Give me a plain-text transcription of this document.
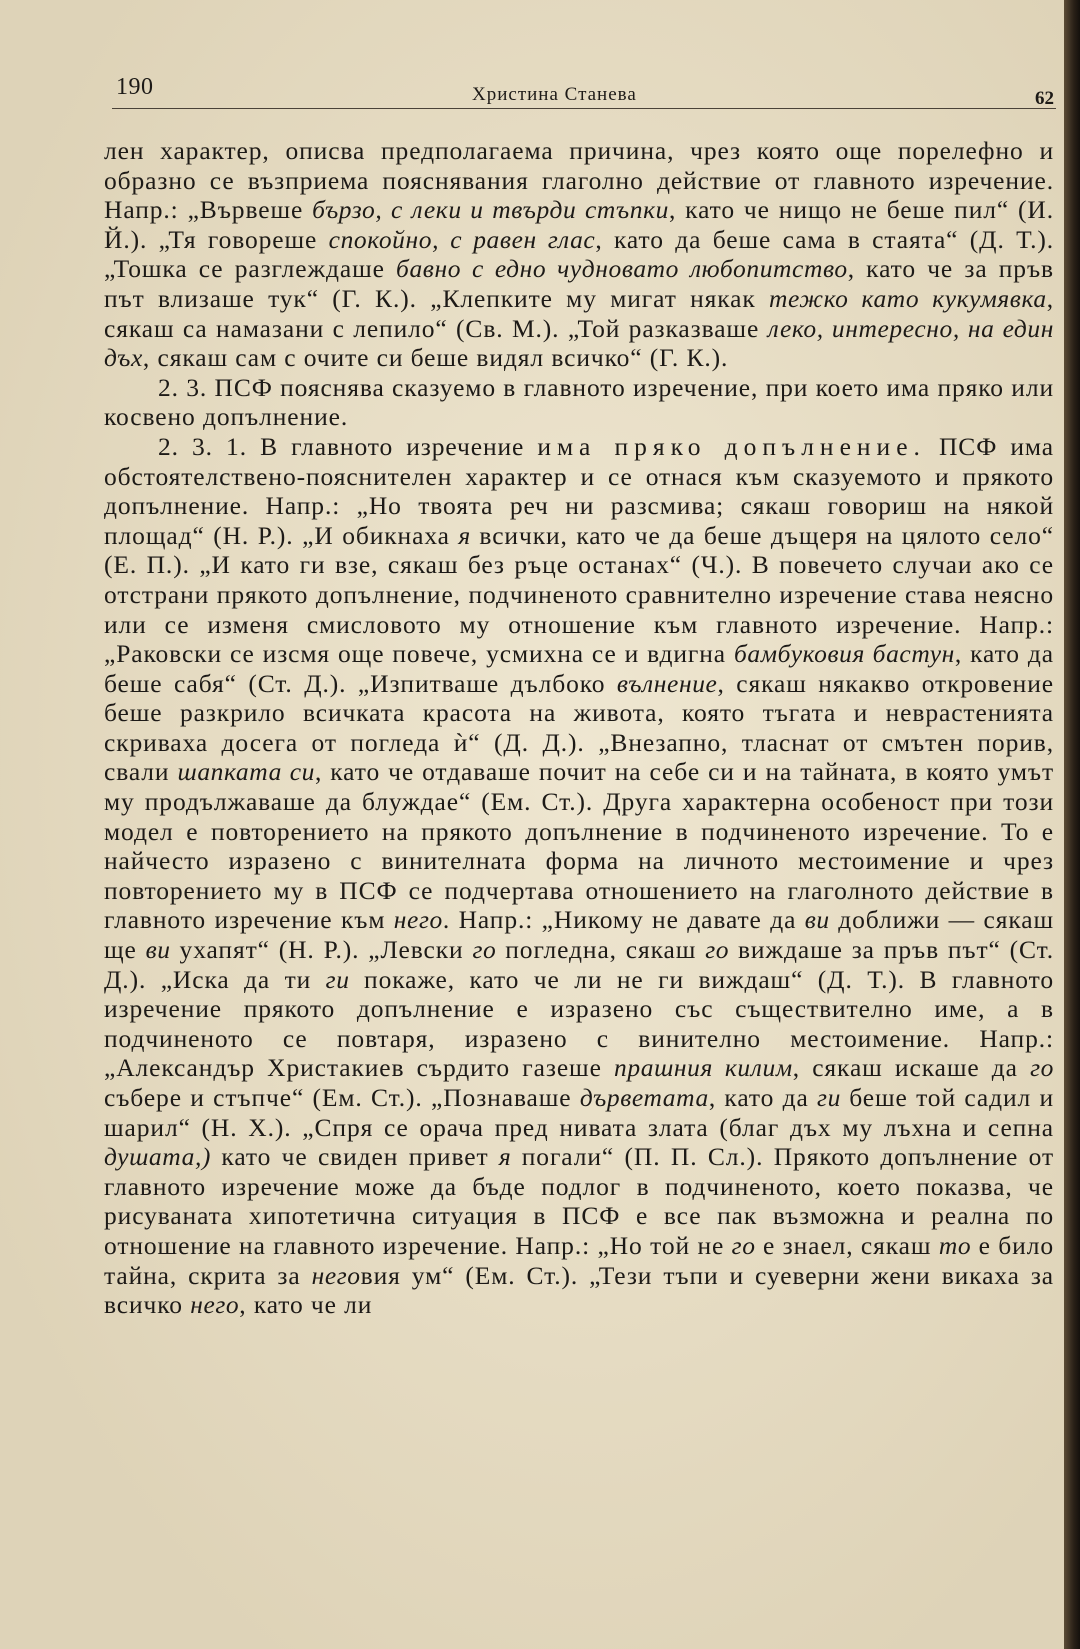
190	Христина Станева	62

лен характер, описва предполагаема причина, чрез която още порелефно и образно се възприема пояснявания глаголно действие от главното изречение. Напр.: „Вървеше бързо, с леки и твърди стъпки, като че нищо не беше пил“ (И. Й.). „Тя говореше спокойно, с равен глас, като да беше сама в стаята“ (Д. Т.). „Тошка се разглеждаше бавно с едно чудновато любопитство, като че за пръв път влизаше тук“ (Г. К.). „Клепките му мигат някак тежко като кукумявка, сякаш са намазани с лепило“ (Св. М.). „Той разказваше леко, интересно, на един дъх, сякаш сам с очите си беше видял всичко“ (Г. К.).

2. 3. ПСФ пояснява сказуемо в главното изречение, при което има пряко или косвено допълнение.

2. 3. 1. В главното изречение има пряко допълнение. ПСФ има обстоятелствено-пояснителен характер и се отнася към сказуемото и прякото допълнение. Напр.: „Но твоята реч ни разсмива; сякаш говориш на някой площад“ (Н. Р.). „И обикнаха я всички, като че да беше дъщеря на цялото село“ (Е. П.). „И като ги взе, сякаш без ръце останах“ (Ч.). В повечето случаи ако се отстрани прякото допълнение, подчиненото сравнително изречение става неясно или се изменя смисловото му отношение към главното изречение. Напр.: „Раковски се изсмя още повече, усмихна се и вдигна бамбуковия бастун, като да беше сабя“ (Ст. Д.). „Изпитваше дълбоко вълнение, сякаш някакво откровение беше разкрило всичката красота на живота, която тъгата и неврастенията скриваха досега от погледа ѝ“ (Д. Д.). „Внезапно, тласнат от смътен порив, свали шапката си, като че отдаваше почит на себе си и на тайната, в която умът му продължаваше да блуждае“ (Ем. Ст.). Друга характерна особеност при този модел е повторението на прякото допълнение в подчиненото изречение. То е найчесто изразено с винителната форма на личното местоимение и чрез повторението му в ПСФ се подчертава отношението на глаголното действие в главното изречение към него. Напр.: „Никому не давате да ви доближи — сякаш ще ви ухапят“ (Н. Р.). „Левски го погледна, сякаш го виждаше за пръв път“ (Ст. Д.). „Иска да ти ги покаже, като че ли не ги виждаш“ (Д. Т.). В главното изречение прякото допълнение е изразено със съществително име, а в подчиненото се повтаря, изразено с винително местоимение. Напр.: „Александър Христакиев сърдито газеше прашния килим, сякаш искаше да го събере и стъпче“ (Ем. Ст.). „Познаваше дърветата, като да ги беше той садил и шарил“ (Н. Х.). „Спря се орача пред нивата злата (благ дъх му лъхна и сепна душата,) като че свиден привет я погали“ (П. П. Сл.). Прякото допълнение от главното изречение може да бъде подлог в подчиненото, което показва, че рисуваната хипотетична ситуация в ПСФ е все пак възможна и реална по отношение на главното изречение. Напр.: „Но той не го е знаел, сякаш то е било тайна, скрита за неговия ум“ (Ем. Ст.). „Тези тъпи и суеверни жени викаха за всичко него, като че ли
